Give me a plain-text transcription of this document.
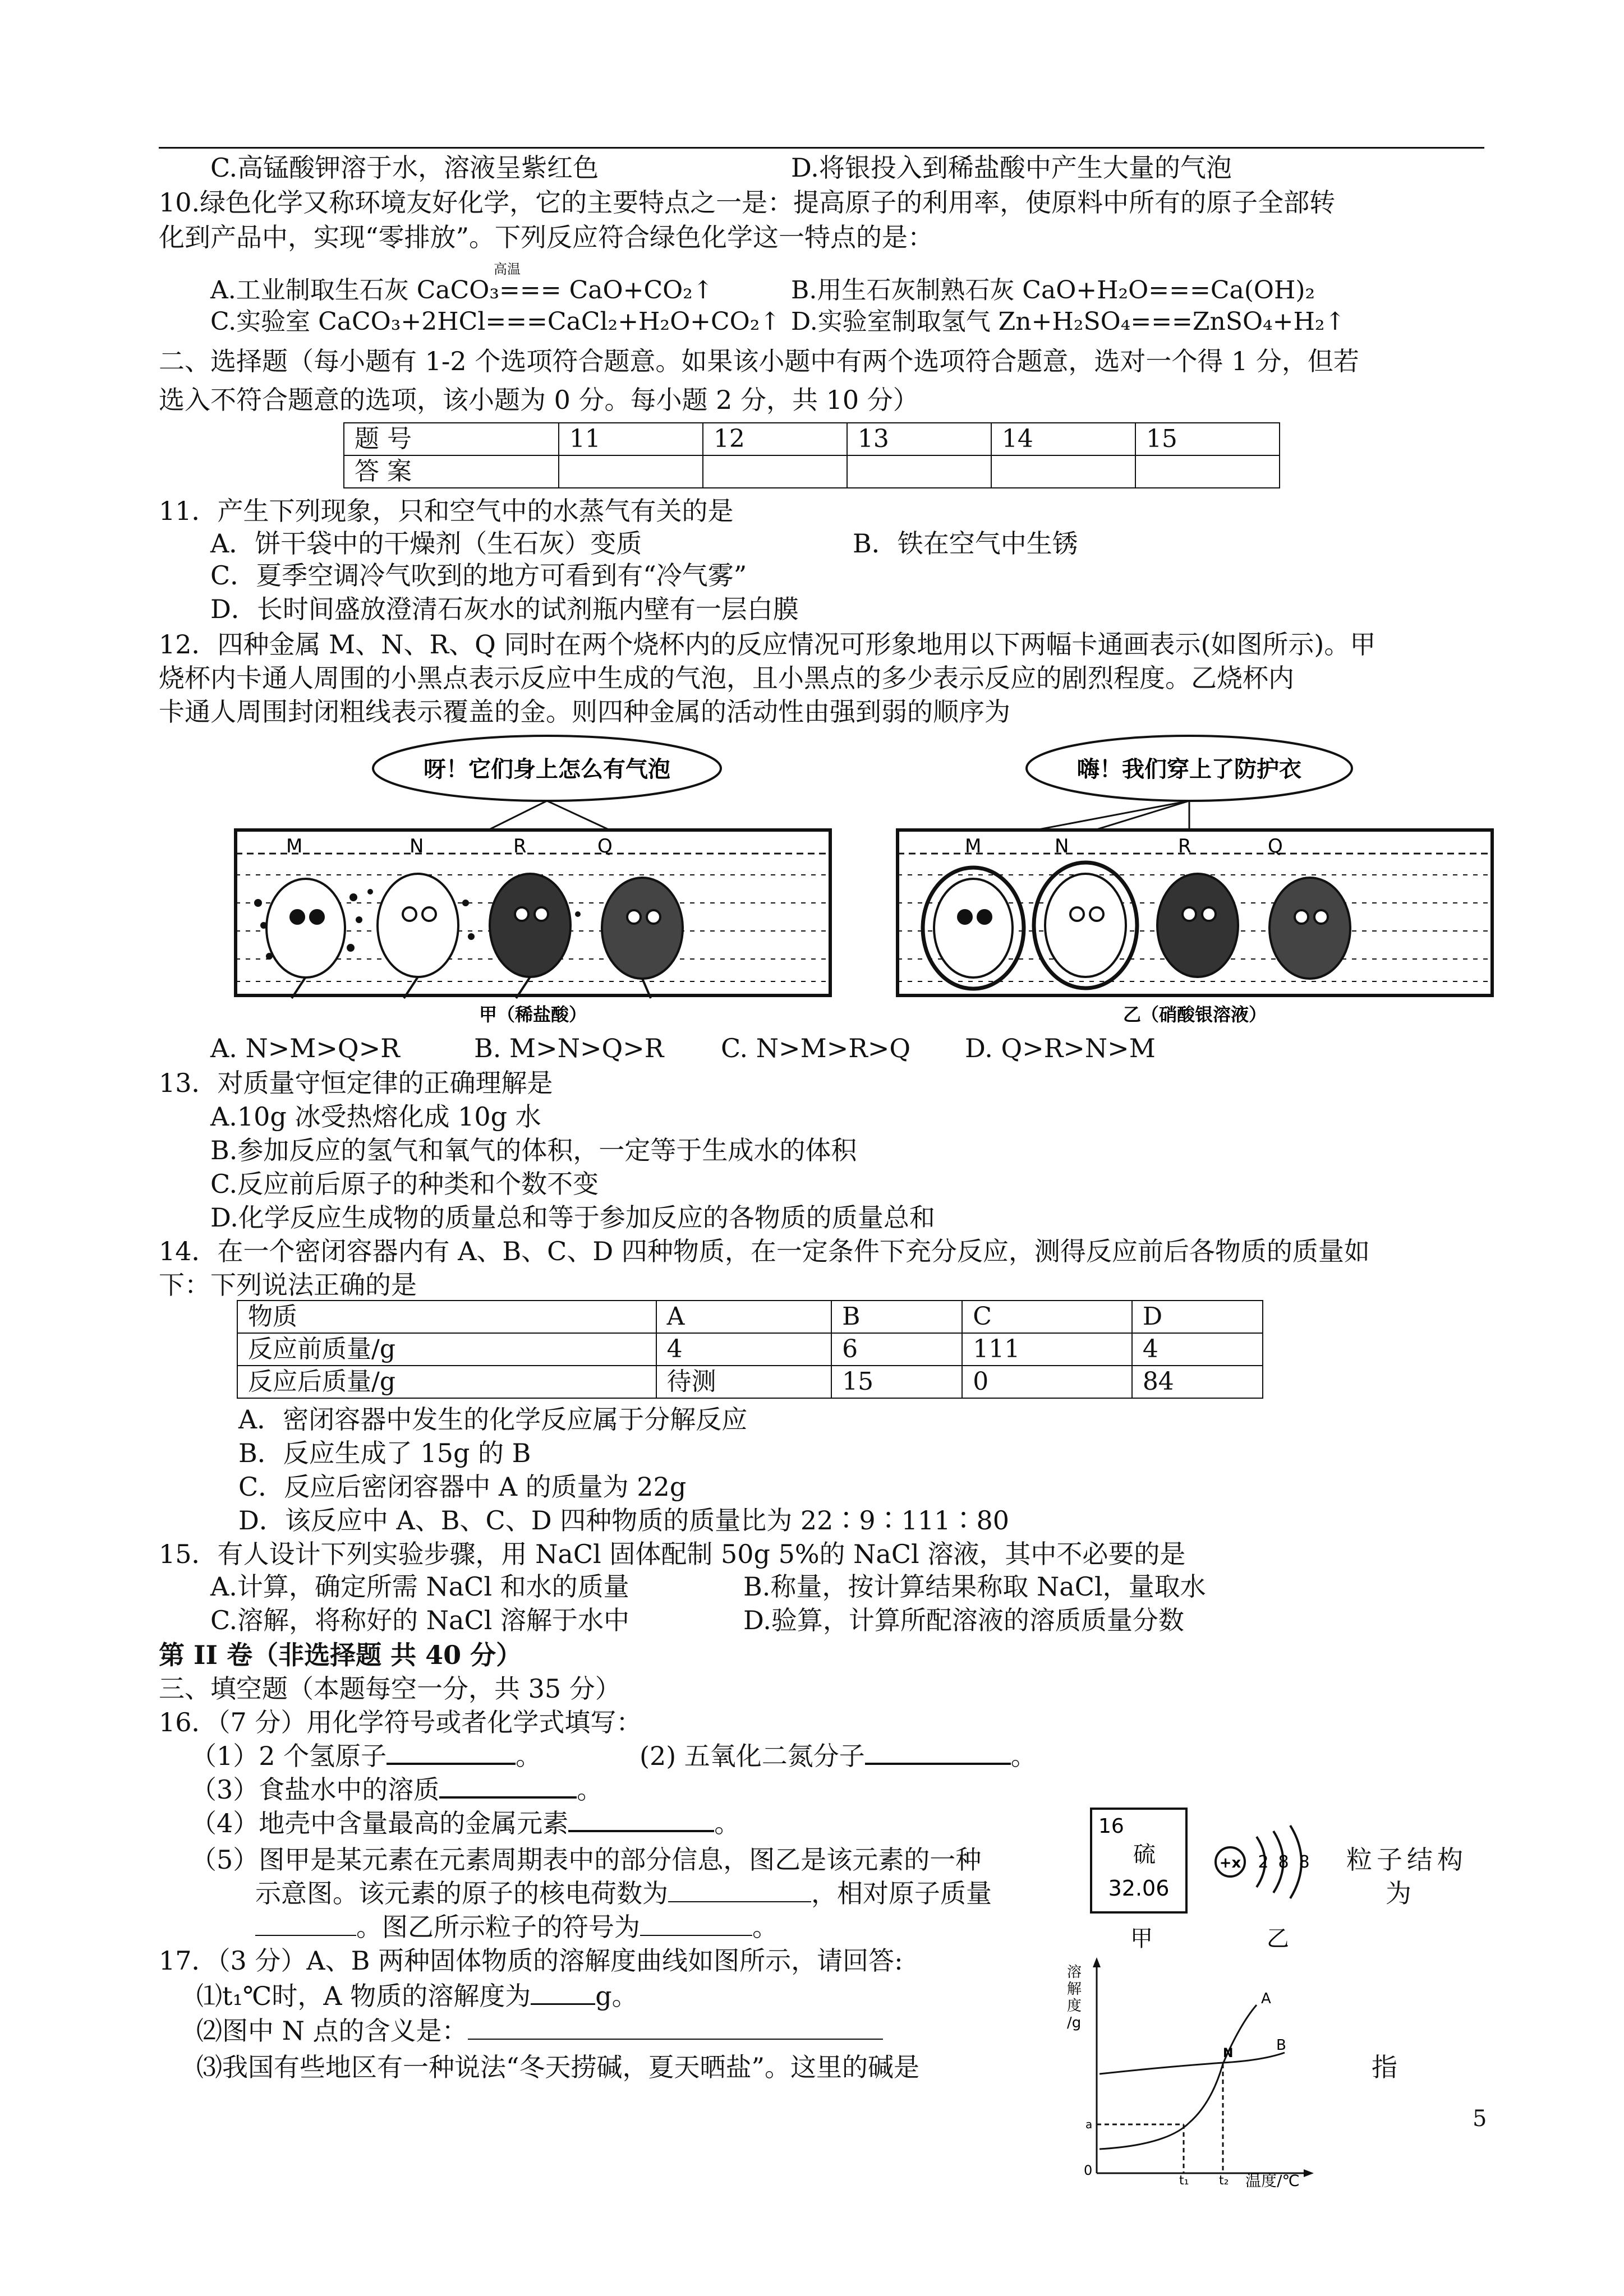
C.高锰酸钾溶于水，溶液呈紫红色	D.将银投入到稀盐酸中产生大量的气泡
10.绿色化学又称环境友好化学，它的主要特点之一是：提高原子的利用率，使原料中所有的原子全部转
化到产品中，实现“零排放”。下列反应符合绿色化学这一特点的是：
A.工业制取生石灰 CaCO₃=== CaO+CO₂↑
高温
B.用生石灰制熟石灰 CaO+H₂O===Ca(OH)₂
C.实验室 CaCO₃+2HCl===CaCl₂+H₂O+CO₂↑ D.实验室制取氢气 Zn+H₂SO₄===ZnSO₄+H₂↑
二、选择题（每小题有 1-2 个选项符合题意。如果该小题中有两个选项符合题意，选对一个得 1 分，但若
选入不符合题意的选项，该小题为 0 分。每小题 2 分，共 10 分）
题 号	11	12	13	14	15
答 案					
11．产生下列现象，只和空气中的水蒸气有关的是
A．饼干袋中的干燥剂（生石灰）变质	B．铁在空气中生锈
C．夏季空调冷气吹到的地方可看到有“冷气雾”
D．长时间盛放澄清石灰水的试剂瓶内壁有一层白膜
12．四种金属 M、N、R、Q 同时在两个烧杯内的反应情况可形象地用以下两幅卡通画表示(如图所示)。甲
烧杯内卡通人周围的小黑点表示反应中生成的气泡，且小黑点的多少表示反应的剧烈程度。乙烧杯内
卡通人周围封闭粗线表示覆盖的金。则四种金属的活动性由强到弱的顺序为
呀！它们身上怎么有气泡	嗨！我们穿上了防护衣
M	N	R	Q
甲（稀盐酸）
M	N	R	Q
乙（硝酸银溶液）
A. N>M>Q>R	B. M>N>Q>R C. N>M>R>Q D. Q>R>N>M
13．对质量守恒定律的正确理解是
A.10g 冰受热熔化成 10g 水
B.参加反应的氢气和氧气的体积，一定等于生成水的体积
C.反应前后原子的种类和个数不变
D.化学反应生成物的质量总和等于参加反应的各物质的质量总和
14．在一个密闭容器内有 A、B、C、D 四种物质，在一定条件下充分反应，测得反应前后各物质的质量如
下：下列说法正确的是
物质	A	B	C	D
反应前质量/g	4	6	111	4
反应后质量/g	待测	15	0	84
A．密闭容器中发生的化学反应属于分解反应
B．反应生成了 15g 的 B
C．反应后密闭容器中 A 的质量为 22g
D．该反应中 A、B、C、D 四种物质的质量比为 22∶9∶111∶80
15．有人设计下列实验步骤，用 NaCl 固体配制 50g 5%的 NaCl 溶液，其中不必要的是
A.计算，确定所需 NaCl 和水的质量	B.称量，按计算结果称取 NaCl，量取水
C.溶解，将称好的 NaCl 溶解于水中	D.验算，计算所配溶液的溶质质量分数
第 II 卷（非选择题 共 40 分）
三、填空题（本题每空一分，共 35 分）
16．（7 分）用化学符号或者化学式填写：
（1）2 个氢原子	。	(2) 五氧化二氮分子	。
（3）食盐水中的溶质	。
（4）地壳中含量最高的金属元素	。
（5）图甲是某元素在元素周期表中的部分信息，图乙是该元素的一种	粒子结构
示意图。该元素的原子的核电荷数为	，相对原子质量	为
。图乙所示粒子的符号为	。
16
硫
32.06
甲
+x 2 8 8
乙
17．（3 分）A、B 两种固体物质的溶解度曲线如图所示，请回答:
⑴t₁℃时，A 物质的溶解度为	g。
⑵图中 N 点的含义是：
⑶我国有些地区有一种说法“冬天捞碱，夏天晒盐”。这里的碱是	指
溶解度/g
A
B
N
a
0
t₁ t₂ 温度/℃
5
